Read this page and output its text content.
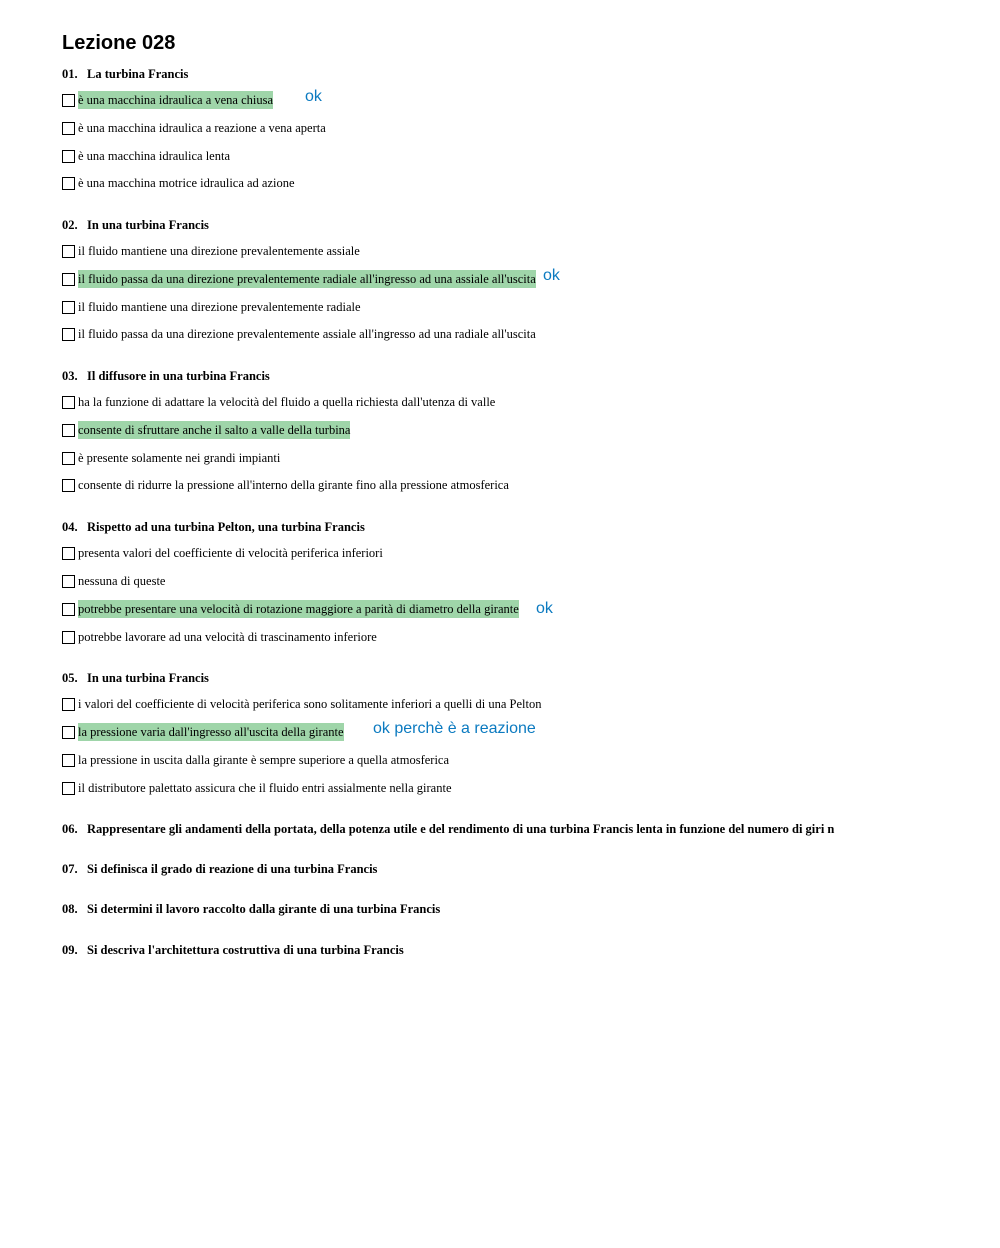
Lezione 028
01. La turbina Francis
è una macchina idraulica a vena chiusa
è una macchina idraulica a reazione a vena aperta
è una macchina idraulica lenta
è una macchina motrice idraulica ad azione
ok
02. In una turbina Francis
il fluido mantiene una direzione prevalentemente assiale
il fluido passa da una direzione prevalentemente radiale all'ingresso ad una assiale all'uscita
il fluido mantiene una direzione prevalentemente radiale
il fluido passa da una direzione prevalentemente assiale all'ingresso ad una radiale all'uscita
ok
03. Il diffusore in una turbina Francis
ha la funzione di adattare la velocità del fluido a quella richiesta dall'utenza di valle
consente di sfruttare anche il salto a valle della turbina
è presente solamente nei grandi impianti
consente di ridurre la pressione all'interno della girante fino alla pressione atmosferica
04. Rispetto ad una turbina Pelton, una turbina Francis
presenta valori del coefficiente di velocità periferica inferiori
nessuna di queste
potrebbe presentare una velocità di rotazione maggiore a parità di diametro della girante
potrebbe lavorare ad una velocità di trascinamento inferiore
ok
05. In una turbina Francis
i valori del coefficiente di velocità periferica sono solitamente inferiori a quelli di una Pelton
la pressione varia dall'ingresso all'uscita della girante
la pressione in uscita dalla girante è sempre superiore a quella atmosferica
il distributore palettato assicura che il fluido entri assialmente nella girante
ok perchè è a reazione
06. Rappresentare gli andamenti della portata, della potenza utile e del rendimento di una turbina Francis lenta in funzione del numero di giri n
07. Si definisca il grado di reazione di una turbina Francis
08. Si determini il lavoro raccolto dalla girante di una turbina Francis
09. Si descriva l'architettura costruttiva di una turbina Francis
